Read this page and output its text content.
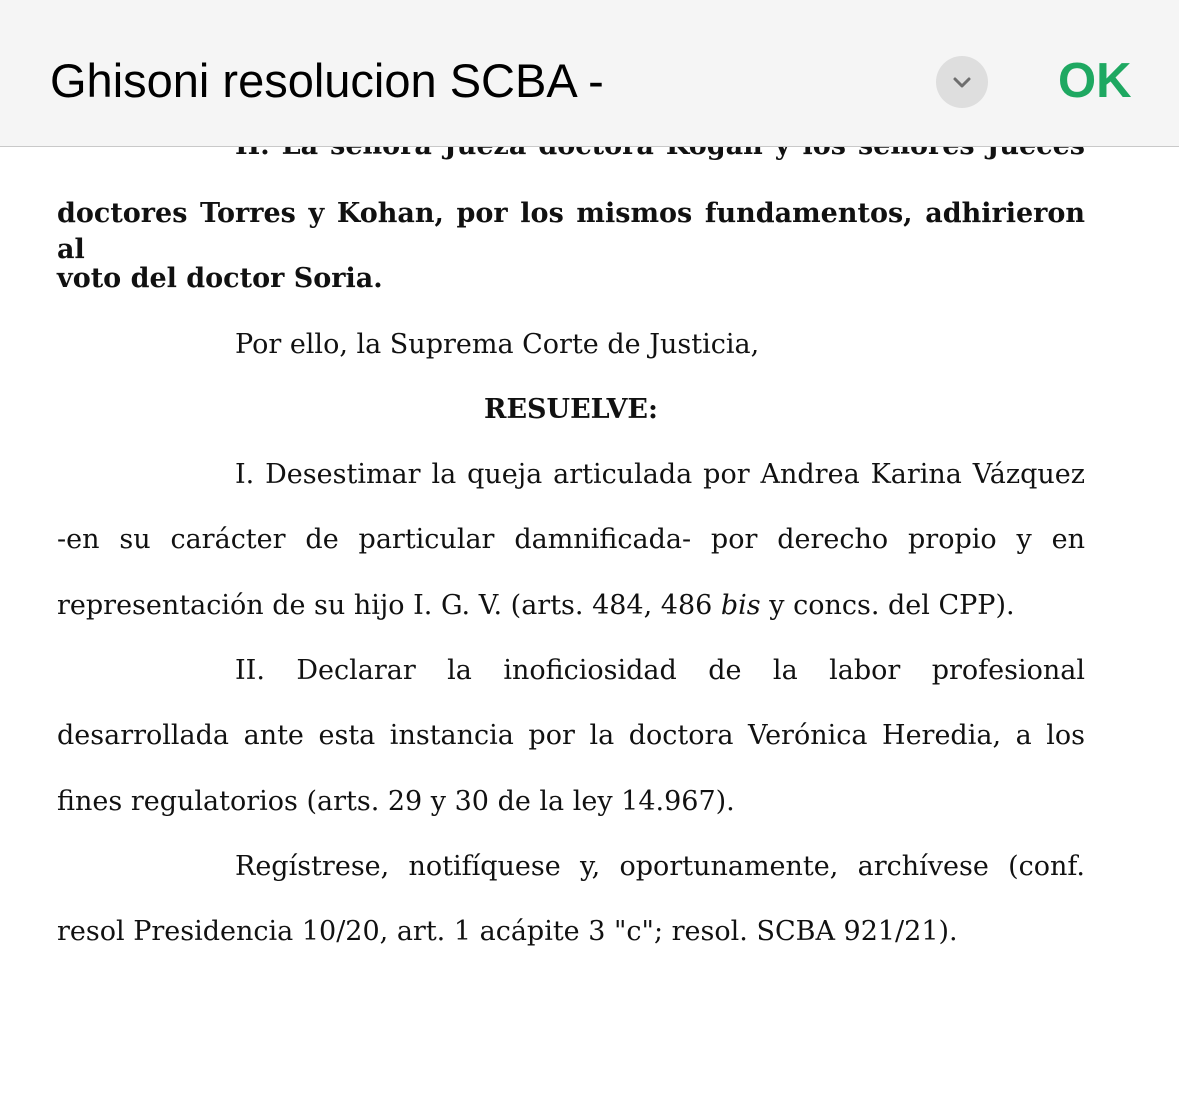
doctores Torres y Kohan, por los mismos fundamentos, adhirieron al
voto del doctor Soria.
Por ello, la Suprema Corte de Justicia,
RESUELVE:
I. Desestimar la queja articulada por Andrea Karina Vázquez
-en su carácter de particular damnificada- por derecho propio y en
representación de su hijo I. G. V. (arts. 484, 486 bis y concs. del CPP).
II. Declarar la inoficiosidad de la labor profesional
desarrollada ante esta instancia por la doctora Verónica Heredia, a los
fines regulatorios (arts. 29 y 30 de la ley 14.967).
Regístrese, notifíquese y, oportunamente, archívese (conf.
resol Presidencia 10/20, art. 1 acápite 3 "c"; resol. SCBA 921/21).
Ghisoni resolucion SCBA -	OK
